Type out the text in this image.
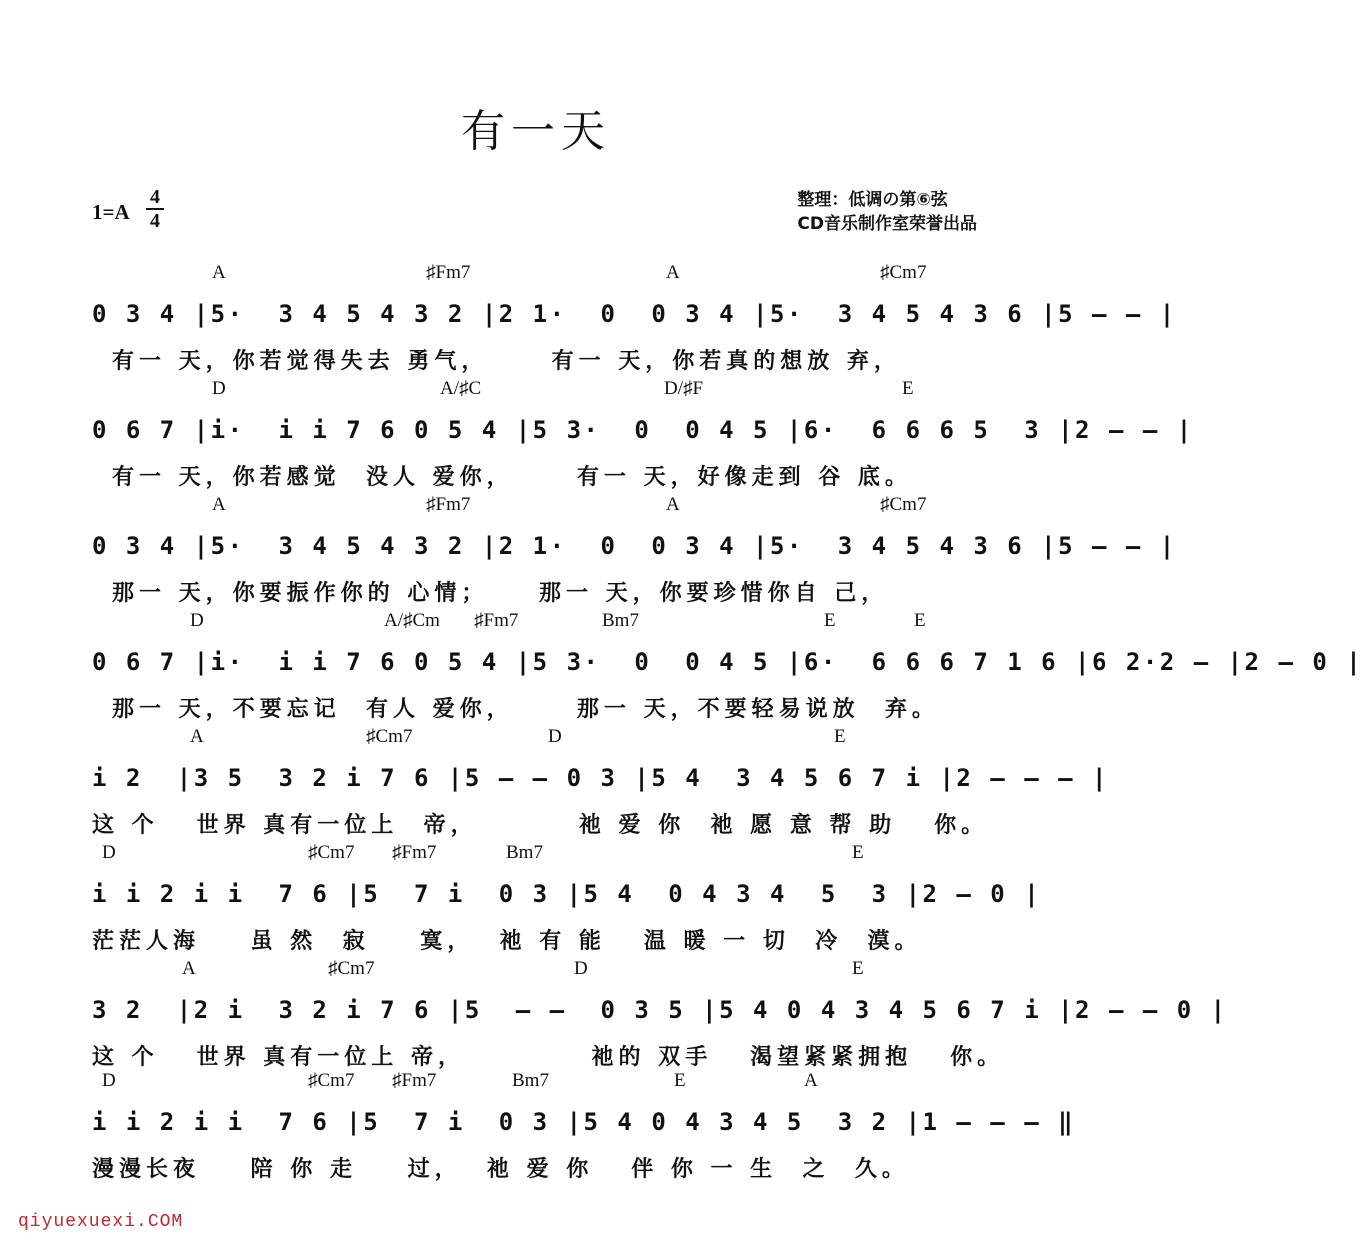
有一天
1=A
4
4
整理：低调の第⑥弦
CD音乐制作室荣誉出品
A	♯Fm7	A	♯Cm7
0 3 4 |5·  3 4 5 4 3 2 |2 1·  0  0 3 4 |5·  3 4 5 4 3 6 |5 – – |
有一 天，你若觉得失去 勇气，     有一 天，你若真的想放 弃，
D	A/♯C	D/♯F	E
0 6 7 |i·  i i 7 6 0 5 4 |5 3·  0  0 4 5 |6·  6 6 6 5  3 |2 – – |
有一 天，你若感觉  没人 爱你，     有一 天，好像走到 谷 底。
A	♯Fm7	A	♯Cm7
0 3 4 |5·  3 4 5 4 3 2 |2 1·  0  0 3 4 |5·  3 4 5 4 3 6 |5 – – |
那一 天，你要振作你的 心情；    那一 天，你要珍惜你自 己，
D	A/♯Cm ♯Fm7	Bm7	E	E
0 6 7 |i·  i i 7 6 0 5 4 |5 3·  0  0 4 5 |6·  6 6 6 7 1 6 |6 2·2 – |2 – 0 |
那一 天，不要忘记  有人 爱你，     那一 天，不要轻易说放  弃。
A	♯Cm7	D	E
i 2  |3 5  3 2 i 7 6 |5 – – 0 3 |5 4  3 4 5 6 7 i |2 – – – |
这 个   世界 真有一位上  帝，        祂 爱 你  祂 愿 意 帮 助   你。
D	♯Cm7 ♯Fm7	Bm7	E
i i 2 i i  7 6 |5  7 i  0 3 |5 4  0 4 3 4  5  3 |2 – 0 |
茫茫人海    虽 然  寂    寞，  祂 有 能   温 暖 一 切  冷  漠。
A	♯Cm7	D	E
3 2  |2 i  3 2 i 7 6 |5  – –  0 3 5 |5 4 0 4 3 4 5 6 7 i |2 – – 0 |
这 个   世界 真有一位上 帝，          祂的 双手   渴望紧紧拥抱   你。
D	♯Cm7 ♯Fm7	Bm7	E	A
i i 2 i i  7 6 |5  7 i  0 3 |5 4 0 4 3 4 5  3 2 |1 – – – ‖
漫漫长夜    陪 你 走    过，  祂 爱 你   伴 你 一 生  之  久。
qiyuexuexi.COM
